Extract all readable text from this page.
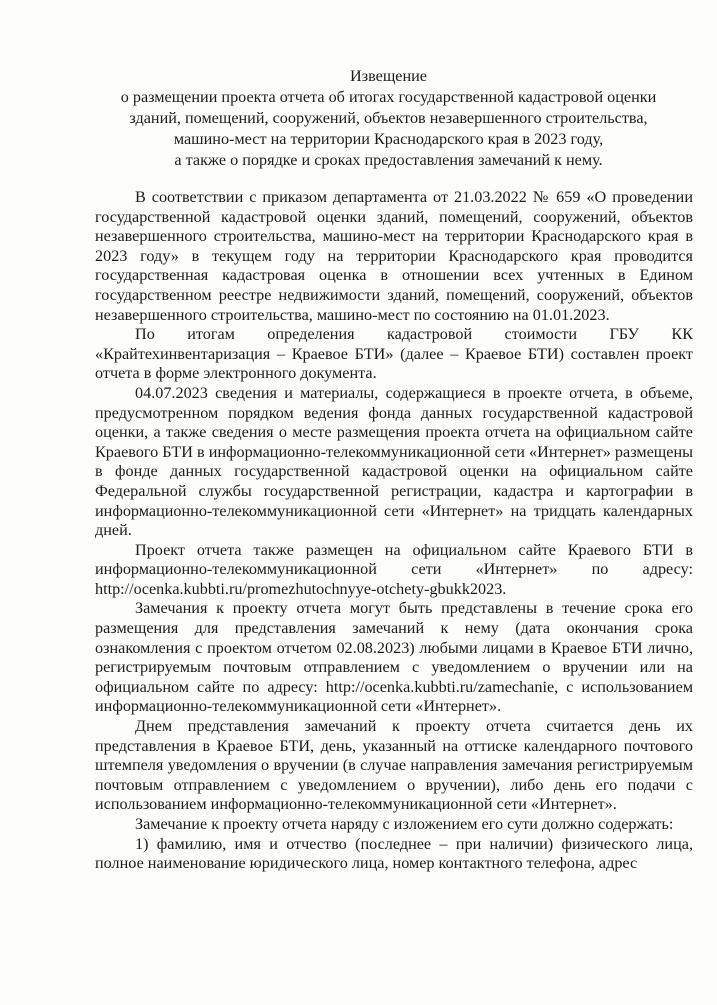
Извещение
о размещении проекта отчета об итогах государственной кадастровой оценки
зданий, помещений, сооружений, объектов незавершенного строительства,
машино-мест на территории Краснодарского края в 2023 году,
а также о порядке и сроках предоставления замечаний к нему.

В соответствии с приказом департамента от 21.03.2022 № 659 «О проведении государственной кадастровой оценки зданий, помещений, сооружений, объектов незавершенного строительства, машино-мест на территории Краснодарского края в 2023 году» в текущем году на территории Краснодарского края проводится государственная кадастровая оценка в отношении всех учтенных в Едином государственном реестре недвижимости зданий, помещений, сооружений, объектов незавершенного строительства, машино-мест по состоянию на 01.01.2023.

По итогам определения кадастровой стоимости ГБУ КК «Крайтехинвентаризация – Краевое БТИ» (далее – Краевое БТИ) составлен проект отчета в форме электронного документа.

04.07.2023 сведения и материалы, содержащиеся в проекте отчета, в объеме, предусмотренном порядком ведения фонда данных государственной кадастровой оценки, а также сведения о месте размещения проекта отчета на официальном сайте Краевого БТИ в информационно-телекоммуникационной сети «Интернет» размещены в фонде данных государственной кадастровой оценки на официальном сайте Федеральной службы государственной регистрации, кадастра и картографии в информационно-телекоммуникационной сети «Интернет» на тридцать календарных дней.

Проект отчета также размещен на официальном сайте Краевого БТИ в информационно-телекоммуникационной сети «Интернет» по адресу: http://ocenka.kubbti.ru/promezhutochnyye-otchety-gbukk2023.

Замечания к проекту отчета могут быть представлены в течение срока его размещения для представления замечаний к нему (дата окончания срока ознакомления с проектом отчетом 02.08.2023) любыми лицами в Краевое БТИ лично, регистрируемым почтовым отправлением с уведомлением о вручении или на официальном сайте по адресу: http://ocenka.kubbti.ru/zamechanie, с использованием информационно-телекоммуникационной сети «Интернет».

Днем представления замечаний к проекту отчета считается день их представления в Краевое БТИ, день, указанный на оттиске календарного почтового штемпеля уведомления о вручении (в случае направления замечания регистрируемым почтовым отправлением с уведомлением о вручении), либо день его подачи с использованием информационно-телекоммуникационной сети «Интернет».

Замечание к проекту отчета наряду с изложением его сути должно содержать:

1) фамилию, имя и отчество (последнее – при наличии) физического лица, полное наименование юридического лица, номер контактного телефона, адрес
